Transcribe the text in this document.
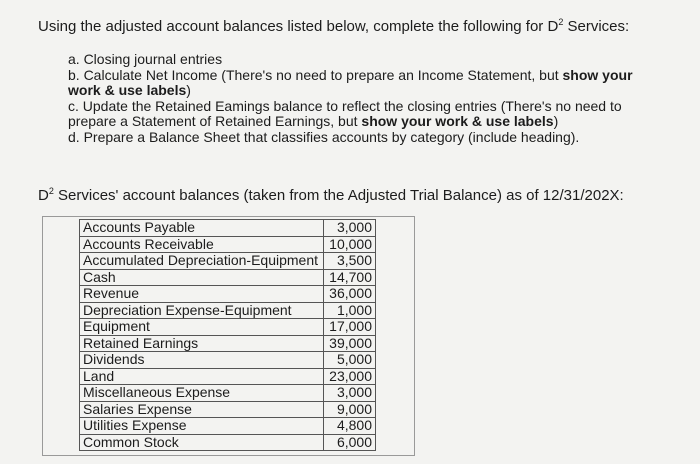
Using the adjusted account balances listed below, complete the following for $D^2$ Services:
a. Closing journal entries
b. Calculate Net Income (There's no need to prepare an Income Statement, but show your work & use labels)
c. Update the Retained Eamings balance to reflect the closing entries (There's no need to prepare a Statement of Retained Earnings, but show your work & use labels)
d. Prepare a Balance Sheet that classifies accounts by category (include heading).
$D^2$ Services' account balances (taken from the Adjusted Trial Balance) as of 12/31/202X:
Accounts Payable	3,000
Accounts Receivable	10,000
Accumulated Depreciation-Equipment	3,500
Cash	14,700
Revenue	36,000
Depreciation Expense-Equipment	1,000
Equipment	17,000
Retained Earnings	39,000
Dividends	5,000
Land	23,000
Miscellaneous Expense	3,000
Salaries Expense	9,000
Utilities Expense	4,800
Common Stock	6,000
